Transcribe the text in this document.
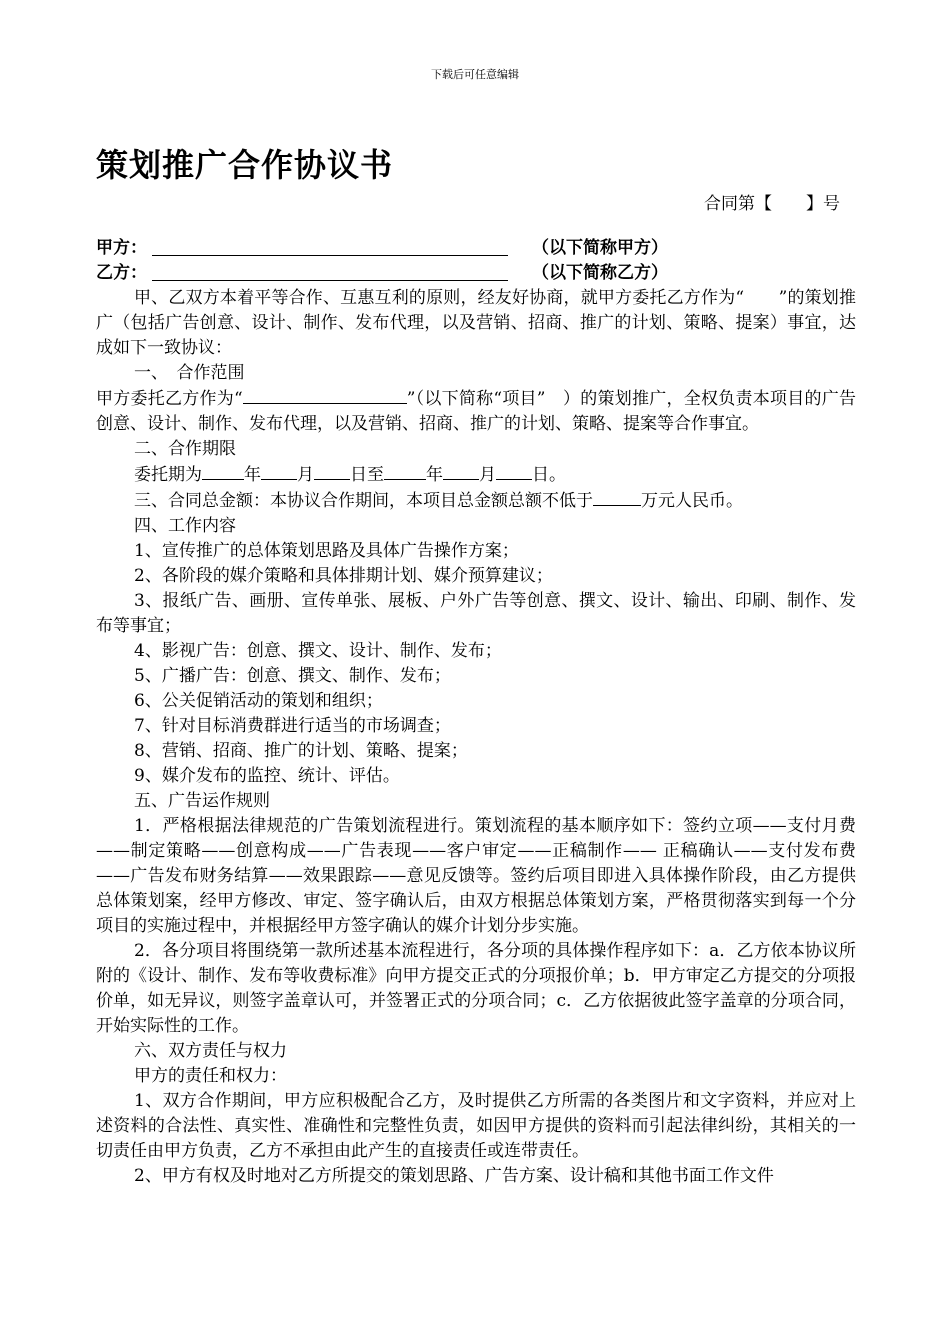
下载后可任意编辑
策划推广合作协议书
合同第【　　】号
甲方：	（以下简称甲方）
乙方：	（以下简称乙方）

甲、乙双方本着平等合作、互惠互利的原则，经友好协商，就甲方委托乙方作为“　　”的策划推广（包括广告创意、设计、制作、发布代理，以及营销、招商、推广的计划、策略、提案）事宜，达成如下一致协议：

一、　合作范围

甲方委托乙方作为“	”（以下简称“项目”　）的策划推广，全权负责本项目的广告创意、设计、制作、发布代理，以及营销、招商、推广的计划、策略、提案等合作事宜。

二、合作期限

委托期为 年 月 日至 年 月 日。

三、合同总金额：本协议合作期间，本项目总金额总额不低于	万元人民币。

四、工作内容

1、宣传推广的总体策划思路及具体广告操作方案；

2、各阶段的媒介策略和具体排期计划、媒介预算建议；

3、报纸广告、画册、宣传单张、展板、户外广告等创意、撰文、设计、输出、印刷、制作、发布等事宜；

4、影视广告：创意、撰文、设计、制作、发布；

5、广播广告：创意、撰文、制作、发布；

6、公关促销活动的策划和组织；

7、针对目标消费群进行适当的市场调查；

8、营销、招商、推广的计划、策略、提案；

9、媒介发布的监控、统计、评估。

五、广告运作规则

1．严格根据法律规范的广告策划流程进行。策划流程的基本顺序如下：签约立项——支付月费——制定策略——创意构成——广告表现——客户审定——正稿制作—— 正稿确认——支付发布费——广告发布财务结算——效果跟踪——意见反馈等。签约后项目即进入具体操作阶段，由乙方提供总体策划案，经甲方修改、审定、签字确认后，由双方根据总体策划方案，严格贯彻落实到每一个分项目的实施过程中，并根据经甲方签字确认的媒介计划分步实施。

2．各分项目将围绕第一款所述基本流程进行，各分项的具体操作程序如下：a．乙方依本协议所附的《设计、制作、发布等收费标准》向甲方提交正式的分项报价单；b．甲方审定乙方提交的分项报价单，如无异议，则签字盖章认可，并签署正式的分项合同；c．乙方依据彼此签字盖章的分项合同，开始实际性的工作。

六、双方责任与权力

甲方的责任和权力：

1、双方合作期间，甲方应积极配合乙方，及时提供乙方所需的各类图片和文字资料，并应对上述资料的合法性、真实性、准确性和完整性负责，如因甲方提供的资料而引起法律纠纷，其相关的一切责任由甲方负责，乙方不承担由此产生的直接责任或连带责任。

2、甲方有权及时地对乙方所提交的策划思路、广告方案、设计稿和其他书面工作文件
